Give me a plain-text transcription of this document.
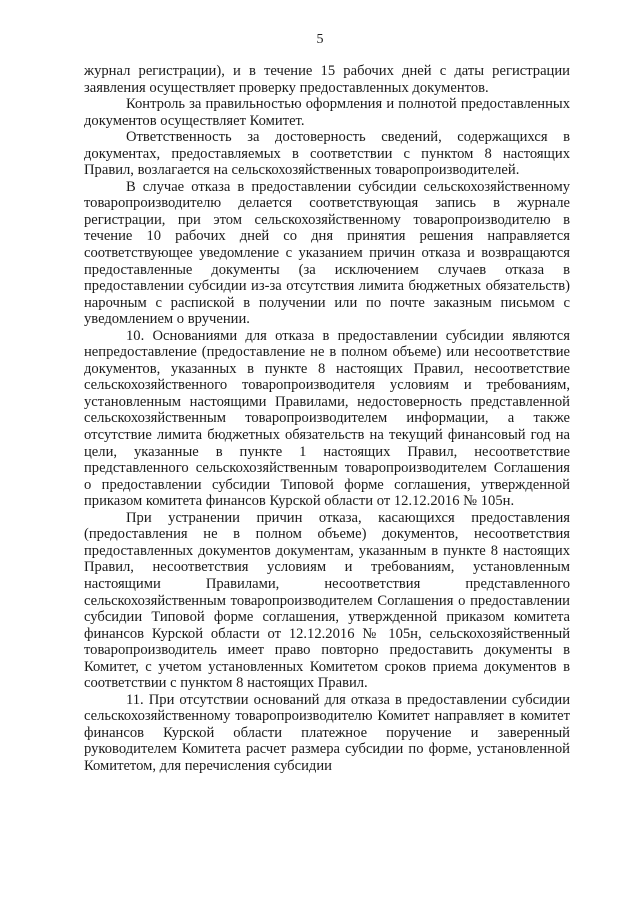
5

журнал регистрации), и в течение 15 рабочих дней с даты регистрации заявления осуществляет проверку предоставленных документов.

Контроль за правильностью оформления и полнотой предоставленных документов осуществляет Комитет.

Ответственность за достоверность сведений, содержащихся в документах, предоставляемых в соответствии с пунктом 8 настоящих Правил, возлагается на сельскохозяйственных товаропроизводителей.

В случае отказа в предоставлении субсидии сельскохозяйственному товаропроизводителю делается соответствующая запись в журнале регистрации, при этом сельскохозяйственному товаропроизводителю в течение 10 рабочих дней со дня принятия решения направляется соответствующее уведомление с указанием причин отказа и возвращаются предоставленные документы (за исключением случаев отказа в предоставлении субсидии из-за отсутствия лимита бюджетных обязательств) нарочным с распиской в получении или по почте заказным письмом с уведомлением о вручении.

10. Основаниями для отказа в предоставлении субсидии являются непредоставление (предоставление не в полном объеме) или несоответствие документов, указанных в пункте 8 настоящих Правил, несоответствие сельскохозяйственного товаропроизводителя условиям и требованиям, установленным настоящими Правилами, недостоверность представленной сельскохозяйственным товаропроизводителем информации, а также отсутствие лимита бюджетных обязательств на текущий финансовый год на цели, указанные в пункте 1 настоящих Правил, несоответствие представленного сельскохозяйственным товаропроизводителем Соглашения о предоставлении субсидии Типовой форме соглашения, утвержденной приказом комитета финансов Курской области от 12.12.2016 № 105н.

При устранении причин отказа, касающихся предоставления (предоставления не в полном объеме) документов, несоответствия предоставленных документов документам, указанным в пункте 8 настоящих Правил, несоответствия условиям и требованиям, установленным настоящими Правилами, несоответствия представленного сельскохозяйственным товаропроизводителем Соглашения о предоставлении субсидии Типовой форме соглашения, утвержденной приказом комитета финансов Курской области от 12.12.2016 № 105н, сельскохозяйственный товаропроизводитель имеет право повторно предоставить документы в Комитет, с учетом установленных Комитетом сроков приема документов в соответствии с пунктом 8 настоящих Правил.

11. При отсутствии оснований для отказа в предоставлении субсидии сельскохозяйственному товаропроизводителю Комитет направляет в комитет финансов Курской области платежное поручение и заверенный руководителем Комитета расчет размера субсидии по форме, установленной Комитетом, для перечисления субсидии
